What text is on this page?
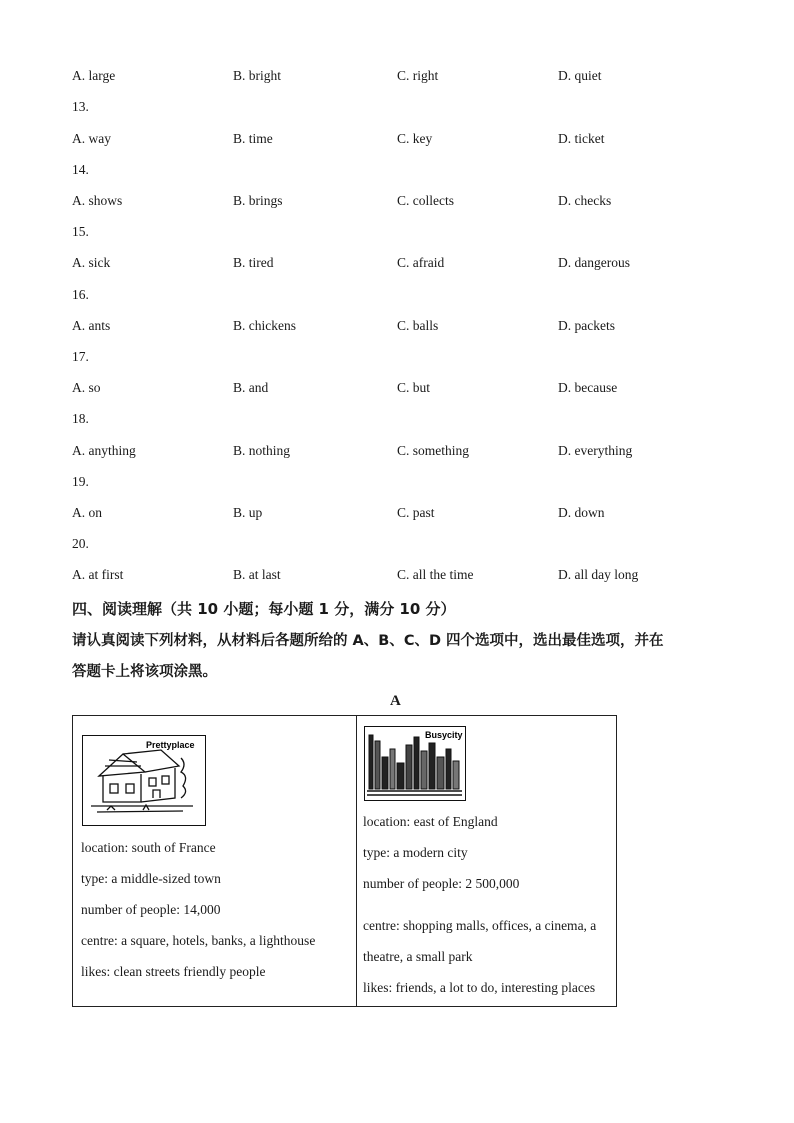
A. large	B. bright	C. right	D. quiet
13.
A. way	B. time	C. key	D. ticket
14.
A. shows	B. brings	C. collects	D. checks
15.
A. sick	B. tired	C. afraid	D. dangerous
16.
A. ants	B. chickens	C. balls	D. packets
17.
A. so	B. and	C. but	D. because
18.
A. anything	B. nothing	C. something	D. everything
19.
A. on	B. up	C. past	D. down
20.
A. at first	B. at last	C. all the time	D. all day long
四、阅读理解（共 10 小题；每小题 1 分，满分 10 分）
请认真阅读下列材料，从材料后各题所给的 A、B、C、D 四个选项中，选出最佳选项，并在
答题卡上将该项涂黑。
A
Prettyplace
location: south of France
type: a middle-sized town
number of people: 14,000
centre: a square, hotels, banks, a lighthouse
likes: clean streets friendly people
Busycity
location: east of England
type: a modern city
number of people: 2 500,000
centre: shopping malls, offices, a cinema, a
theatre, a small park
likes: friends, a lot to do, interesting places
